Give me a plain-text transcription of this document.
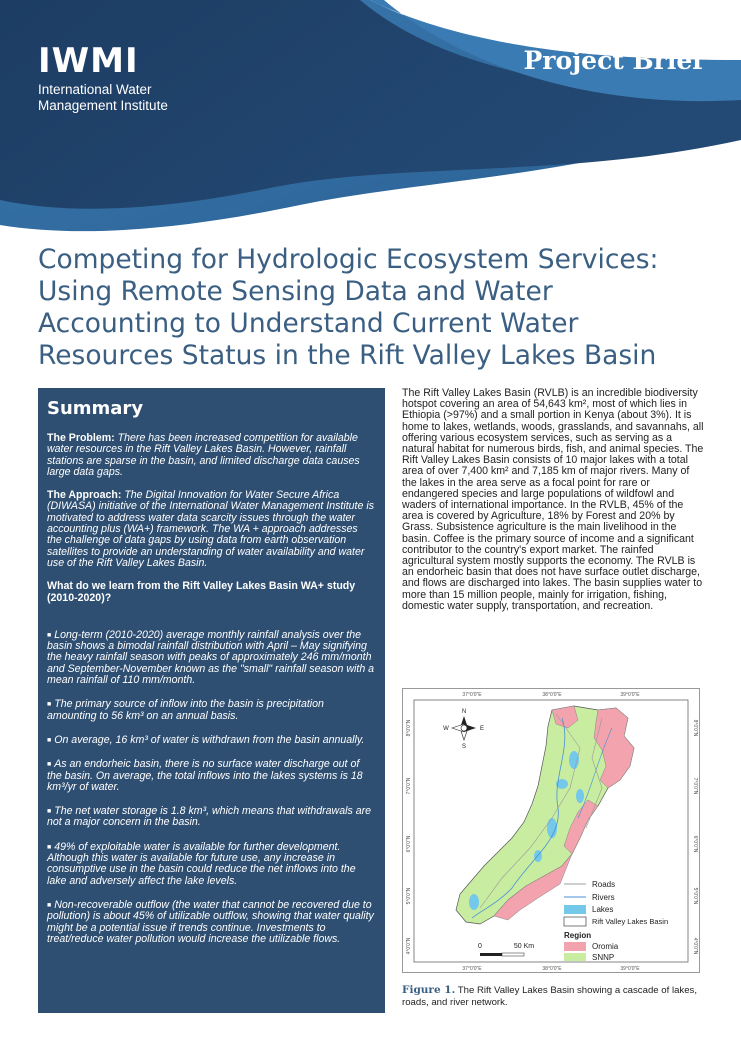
IWMI
International Water
Management Institute
Project Brief
Competing for Hydrologic Ecosystem Services: Using Remote Sensing Data and Water Accounting to Understand Current Water Resources Status in the Rift Valley Lakes Basin
Summary

The Problem: There has been increased competition for available water resources in the Rift Valley Lakes Basin. However, rainfall stations are sparse in the basin, and limited discharge data causes large data gaps.

The Approach: The Digital Innovation for Water Secure Africa (DIWASA) initiative of the International Water Management Institute is motivated to address water data scarcity issues through the water accounting plus (WA+) framework. The WA + approach addresses the challenge of data gaps by using data from earth observation satellites to provide an understanding of water availability and water use of the Rift Valley Lakes Basin.

What do we learn from the Rift Valley Lakes Basin WA+ study (2010-2020)?

■ Long-term (2010-2020) average monthly rainfall analysis over the basin shows a bimodal rainfall distribution with April – May signifying the heavy rainfall season with peaks of approximately 246 mm/month and September-November known as the "small" rainfall season with a mean rainfall of 110 mm/month.

■ The primary source of inflow into the basin is precipitation amounting to 56 km³ on an annual basis.

■ On average, 16 km³ of water is withdrawn from the basin annually.

■ As an endorheic basin, there is no surface water discharge out of the basin. On average, the total inflows into the lakes systems is 18 km³/yr of water.

■ The net water storage is 1.8 km³, which means that withdrawals are not a major concern in the basin.

■ 49% of exploitable water is available for further development. Although this water is available for future use, any increase in consumptive use in the basin could reduce the net inflows into the lake and adversely affect the lake levels.

■ Non-recoverable outflow (the water that cannot be recovered due to pollution) is about 45% of utilizable outflow, showing that water quality might be a potential issue if trends continue. Investments to treat/reduce water pollution would increase the utilizable flows.

The Rift Valley Lakes Basin (RVLB) is an incredible biodiversity hotspot covering an area of 54,643 km², most of which lies in Ethiopia (>97%) and a small portion in Kenya (about 3%). It is home to lakes, wetlands, woods, grasslands, and savannahs, all offering various ecosystem services, such as serving as a natural habitat for numerous birds, fish, and animal species. The Rift Valley Lakes Basin consists of 10 major lakes with a total area of over 7,400 km² and 7,185 km of major rivers. Many of the lakes in the area serve as a focal point for rare or endangered species and large populations of wildfowl and waders of international importance. In the RVLB, 45% of the area is covered by Agriculture, 18% by Forest and 20% by Grass. Subsistence agriculture is the main livelihood in the basin. Coffee is the primary source of income and a significant contributor to the country's export market. The rainfed agricultural system mostly supports the economy. The RVLB is an endorheic basin that does not have surface outlet discharge, and flows are discharged into lakes. The basin supplies water to more than 15 million people, mainly for irrigation, fishing, domestic water supply, transportation, and recreation.

37°0'0"E	38°0'0"E	39°0'0"E
37°0'0"E	38°0'0"E	39°0'0"E
8°0'0"N
7°0'0"N
6°0'0"N
5°0'0"N
4°0'0"N
8°0'0"N
7°0'0"N
6°0'0"N
5°0'0"N
4°0'0"N
N
S
E
W
Roads
Rivers
Lakes
Rift Valley Lakes Basin
Region
Oromia
SNNP
0	50 Km

Figure 1. The Rift Valley Lakes Basin showing a cascade of lakes, roads, and river network.
